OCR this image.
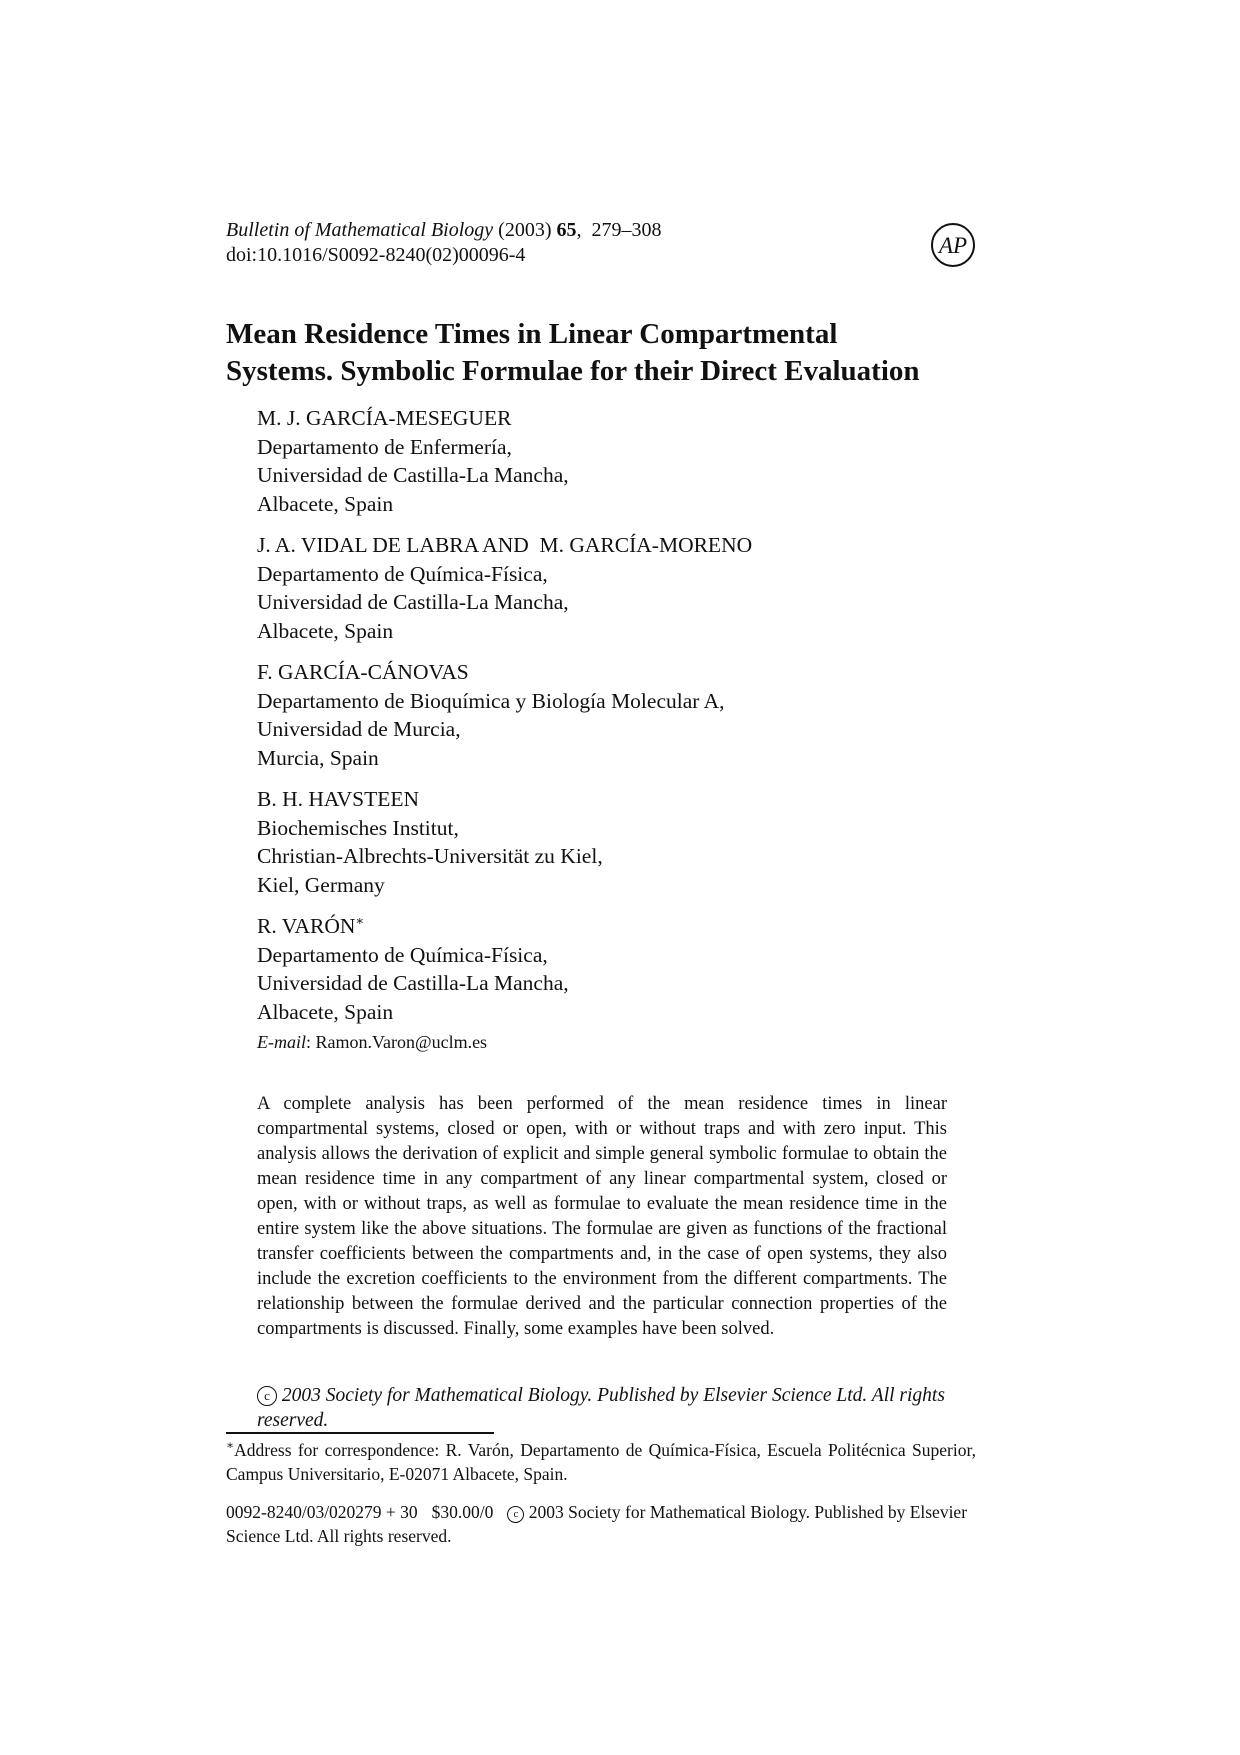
Bulletin of Mathematical Biology (2003) 65,  279–308
doi:10.1016/S0092-8240(02)00096-4	AP
Mean Residence Times in Linear Compartmental
Systems. Symbolic Formulae for their Direct Evaluation
M. J. GARCÍA-MESEGUER
Departamento de Enfermería,
Universidad de Castilla-La Mancha,
Albacete, Spain
J. A. VIDAL DE LABRA AND  M. GARCÍA-MORENO
Departamento de Química-Física,
Universidad de Castilla-La Mancha,
Albacete, Spain
F. GARCÍA-CÁNOVAS
Departamento de Bioquímica y Biología Molecular A,
Universidad de Murcia,
Murcia, Spain
B. H. HAVSTEEN
Biochemisches Institut,
Christian-Albrechts-Universität zu Kiel,
Kiel, Germany
R. VARÓN∗
Departamento de Química-Física,
Universidad de Castilla-La Mancha,
Albacete, Spain
E-mail: Ramon.Varon@uclm.es

A complete analysis has been performed of the mean residence times in linear compartmental systems, closed or open, with or without traps and with zero input. This analysis allows the derivation of explicit and simple general symbolic formulae to obtain the mean residence time in any compartment of any linear compartmental system, closed or open, with or without traps, as well as formulae to evaluate the mean residence time in the entire system like the above situations. The formulae are given as functions of the fractional transfer coefficients between the compartments and, in the case of open systems, they also include the excretion coefficients to the environment from the different compartments. The relationship between the formulae derived and the particular connection properties of the compartments is discussed. Finally, some examples have been solved.

c 2003 Society for Mathematical Biology. Published by Elsevier Science Ltd. All rights reserved.

∗Address for correspondence: R. Varón, Departamento de Química-Física, Escuela Politécnica Superior, Campus Universitario, E-02071 Albacete, Spain.

0092-8240/03/020279 + 30 $30.00/0 c 2003 Society for Mathematical Biology. Published by Elsevier Science Ltd. All rights reserved.
